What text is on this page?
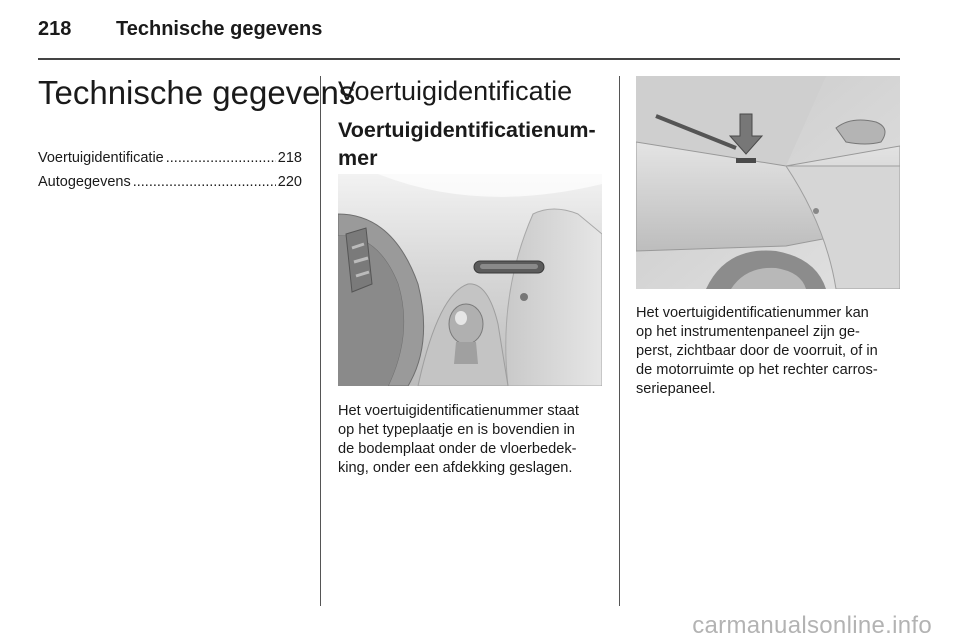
218 Technische gegevens
Technische gegevens
Voertuigidentificatie .....	218
Autogegevens .....	220
Voertuigidentificatie
Voertuigidentificatienum-
mer
Het voertuigidentificatienummer staat
op het typeplaatje en is bovendien in
de bodemplaat onder de vloerbedek-
king, onder een afdekking geslagen.
Het voertuigidentificatienummer kan
op het instrumentenpaneel zijn ge-
perst, zichtbaar door de voorruit, of in
de motorruimte op het rechter carros-
seriepaneel.
carmanualsonline.info
